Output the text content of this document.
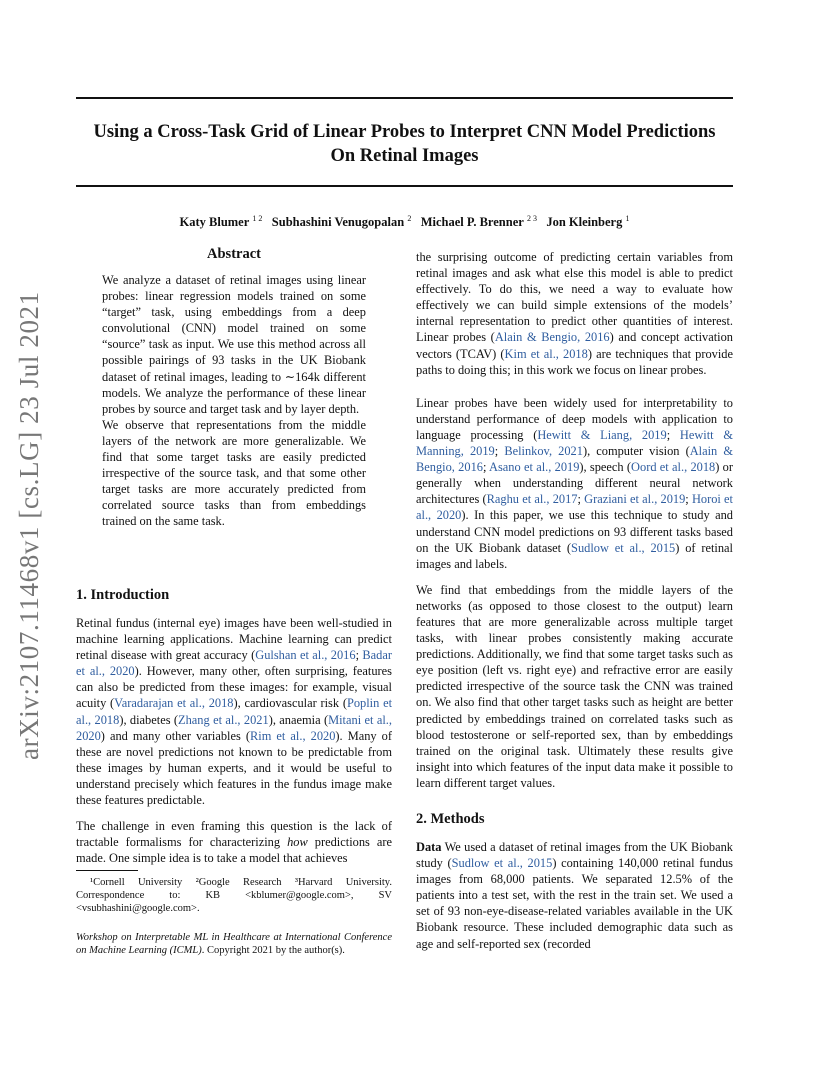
Using a Cross-Task Grid of Linear Probes to Interpret CNN Model Predictions
On Retinal Images
Katy Blumer $^{1 2}$ Subhashini Venugopalan $^2$ Michael P. Brenner $^{2 3}$ Jon Kleinberg $^1$
arXiv:2107.11468v1 [cs.LG] 23 Jul 2021
Abstract

We analyze a dataset of retinal images using linear probes: linear regression models trained on some “target” task, using embeddings from a deep convolutional (CNN) model trained on some “source” task as input. We use this method across all possible pairings of 93 tasks in the UK Biobank dataset of retinal images, leading to ∼164k different models. We analyze the performance of these linear probes by source and target task and by layer depth.

We observe that representations from the middle layers of the network are more generalizable. We find that some target tasks are easily predicted irrespective of the source task, and that some other target tasks are more accurately predicted from correlated source tasks than from embeddings trained on the same task.

1. Introduction

Retinal fundus (internal eye) images have been well-studied in machine learning applications. Machine learning can predict retinal disease with great accuracy (Gulshan et al., 2016; Badar et al., 2020). However, many other, often surprising, features can also be predicted from these images: for example, visual acuity (Varadarajan et al., 2018), cardiovascular risk (Poplin et al., 2018), diabetes (Zhang et al., 2021), anaemia (Mitani et al., 2020) and many other variables (Rim et al., 2020). Many of these are novel predictions not known to be predictable from these images by human experts, and it would be useful to understand precisely which features in the fundus image make these features predictable.

The challenge in even framing this question is the lack of tractable formalisms for characterizing how predictions are made. One simple idea is to take a model that achieves

¹Cornell University ²Google Research ³Harvard University. Correspondence to: KB <kblumer@google.com>, SV <vsubhashini@google.com>.

Workshop on Interpretable ML in Healthcare at International Conference on Machine Learning (ICML). Copyright 2021 by the author(s).

the surprising outcome of predicting certain variables from retinal images and ask what else this model is able to predict effectively. To do this, we need a way to evaluate how effectively we can build simple extensions of the models’ internal representation to predict other quantities of interest. Linear probes (Alain & Bengio, 2016) and concept activation vectors (TCAV) (Kim et al., 2018) are techniques that provide paths to doing this; in this work we focus on linear probes.

Linear probes have been widely used for interpretability to understand performance of deep models with application to language processing (Hewitt & Liang, 2019; Hewitt & Manning, 2019; Belinkov, 2021), computer vision (Alain & Bengio, 2016; Asano et al., 2019), speech (Oord et al., 2018) or generally when understanding different neural network architectures (Raghu et al., 2017; Graziani et al., 2019; Horoi et al., 2020). In this paper, we use this technique to study and understand CNN model predictions on 93 different tasks based on the UK Biobank dataset (Sudlow et al., 2015) of retinal images and labels.

We find that embeddings from the middle layers of the networks (as opposed to those closest to the output) learn features that are more generalizable across multiple target tasks, with linear probes consistently making accurate predictions. Additionally, we find that some target tasks such as eye position (left vs. right eye) and refractive error are easily predicted irrespective of the source task the CNN was trained on. We also find that other target tasks such as height are better predicted by embeddings trained on correlated tasks such as blood testosterone or self-reported sex, than by embeddings trained on the original task. Ultimately these results give insight into which features of the input data make it possible to learn different target values.

2. Methods

Data We used a dataset of retinal images from the UK Biobank study (Sudlow et al., 2015) containing 140,000 retinal fundus images from 68,000 patients. We separated 12.5% of the patients into a test set, with the rest in the train set. We used a set of 93 non-eye-disease-related variables available in the UK Biobank resource. These included demographic data such as age and self-reported sex (recorded
